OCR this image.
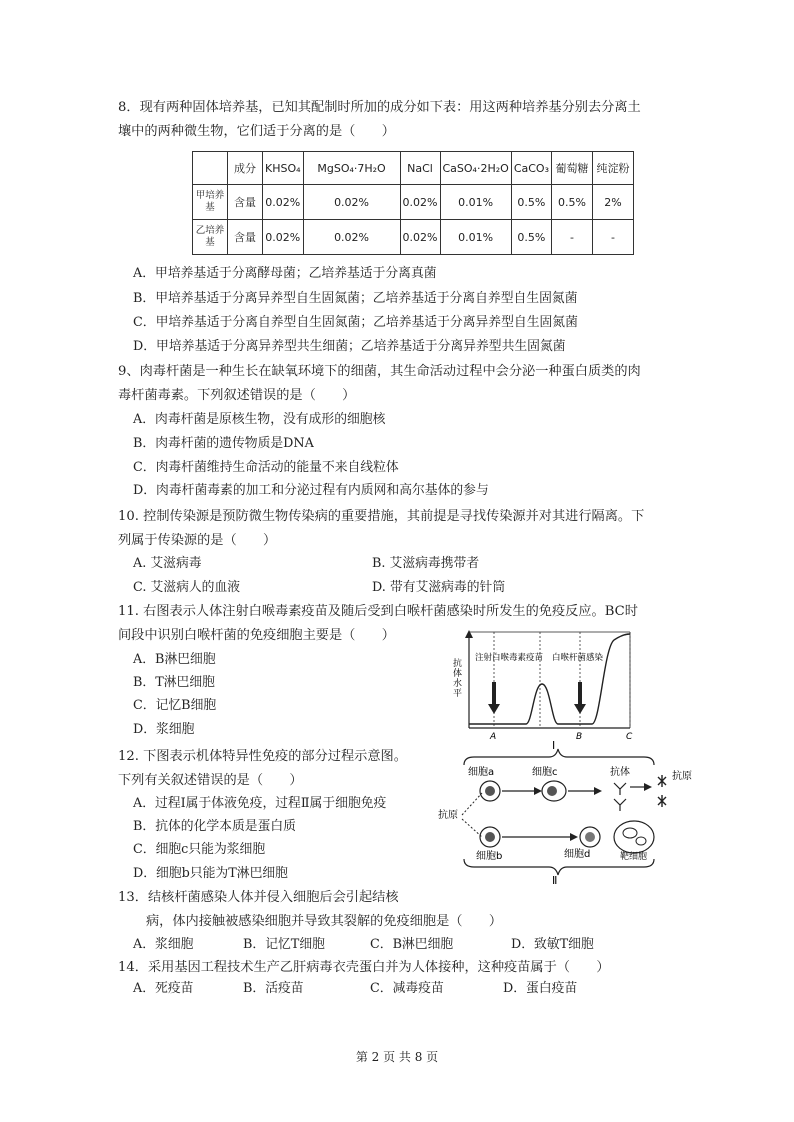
8．现有两种固体培养基，已知其配制时所加的成分如下表：用这两种培养基分别去分离土
壤中的两种微生物，它们适于分离的是（　　）
	成分	KHSO₄	MgSO₄·7H₂O	NaCl	CaSO₄·2H₂O	CaCO₃	葡萄糖	纯淀粉
甲培养基	含量	0.02%	0.02%	0.02%	0.01%	0.5%	0.5%	2%
乙培养基	含量	0.02%	0.02%	0.02%	0.01%	0.5%	-	-
A．甲培养基适于分离酵母菌；乙培养基适于分离真菌
B．甲培养基适于分离异养型自生固氮菌；乙培养基适于分离自养型自生固氮菌
C．甲培养基适于分离自养型自生固氮菌；乙培养基适于分离异养型自生固氮菌
D．甲培养基适于分离异养型共生细菌；乙培养基适于分离异养型共生固氮菌
9、肉毒杆菌是一种生长在缺氧环境下的细菌，其生命活动过程中会分泌一种蛋白质类的肉
毒杆菌毒素。下列叙述错误的是（　　）
A．肉毒杆菌是原核生物，没有成形的细胞核
B．肉毒杆菌的遗传物质是DNA
C．肉毒杆菌维持生命活动的能量不来自线粒体
D．肉毒杆菌毒素的加工和分泌过程有内质网和高尔基体的参与
10. 控制传染源是预防微生物传染病的重要措施，其前提是寻找传染源并对其进行隔离。下
列属于传染源的是（　　）
A. 艾滋病毒	B. 艾滋病毒携带者
C. 艾滋病人的血液	D. 带有艾滋病毒的针筒
11. 右图表示人体注射白喉毒素疫苗及随后受到白喉杆菌感染时所发生的免疫反应。BC时
间段中识别白喉杆菌的免疫细胞主要是（　　）
A．B淋巴细胞
B．T淋巴细胞
C．记忆B细胞
D．浆细胞
抗体水平 注射白喉毒素疫苗 白喉杆菌感染
A	B	C
12. 下图表示机体特异性免疫的部分过程示意图。
下列有关叙述错误的是（　　）
A．过程Ⅰ属于体液免疫，过程Ⅱ属于细胞免疫
B．抗体的化学本质是蛋白质
C．细胞c只能为浆细胞
D．细胞b只能为T淋巴细胞
Ⅰ
Ⅱ
抗原
细胞a	细胞c	抗体	抗原
细胞b	细胞d	靶细胞
13．结核杆菌感染人体并侵入细胞后会引起结核
病，体内接触被感染细胞并导致其裂解的免疫细胞是（　　）
A．浆细胞	B．记忆T细胞	C．B淋巴细胞	D．致敏T细胞
14．采用基因工程技术生产乙肝病毒衣壳蛋白并为人体接种，这种疫苗属于（　　）
A．死疫苗	B．活疫苗	C．减毒疫苗	D．蛋白疫苗
第 2 页 共 8 页
